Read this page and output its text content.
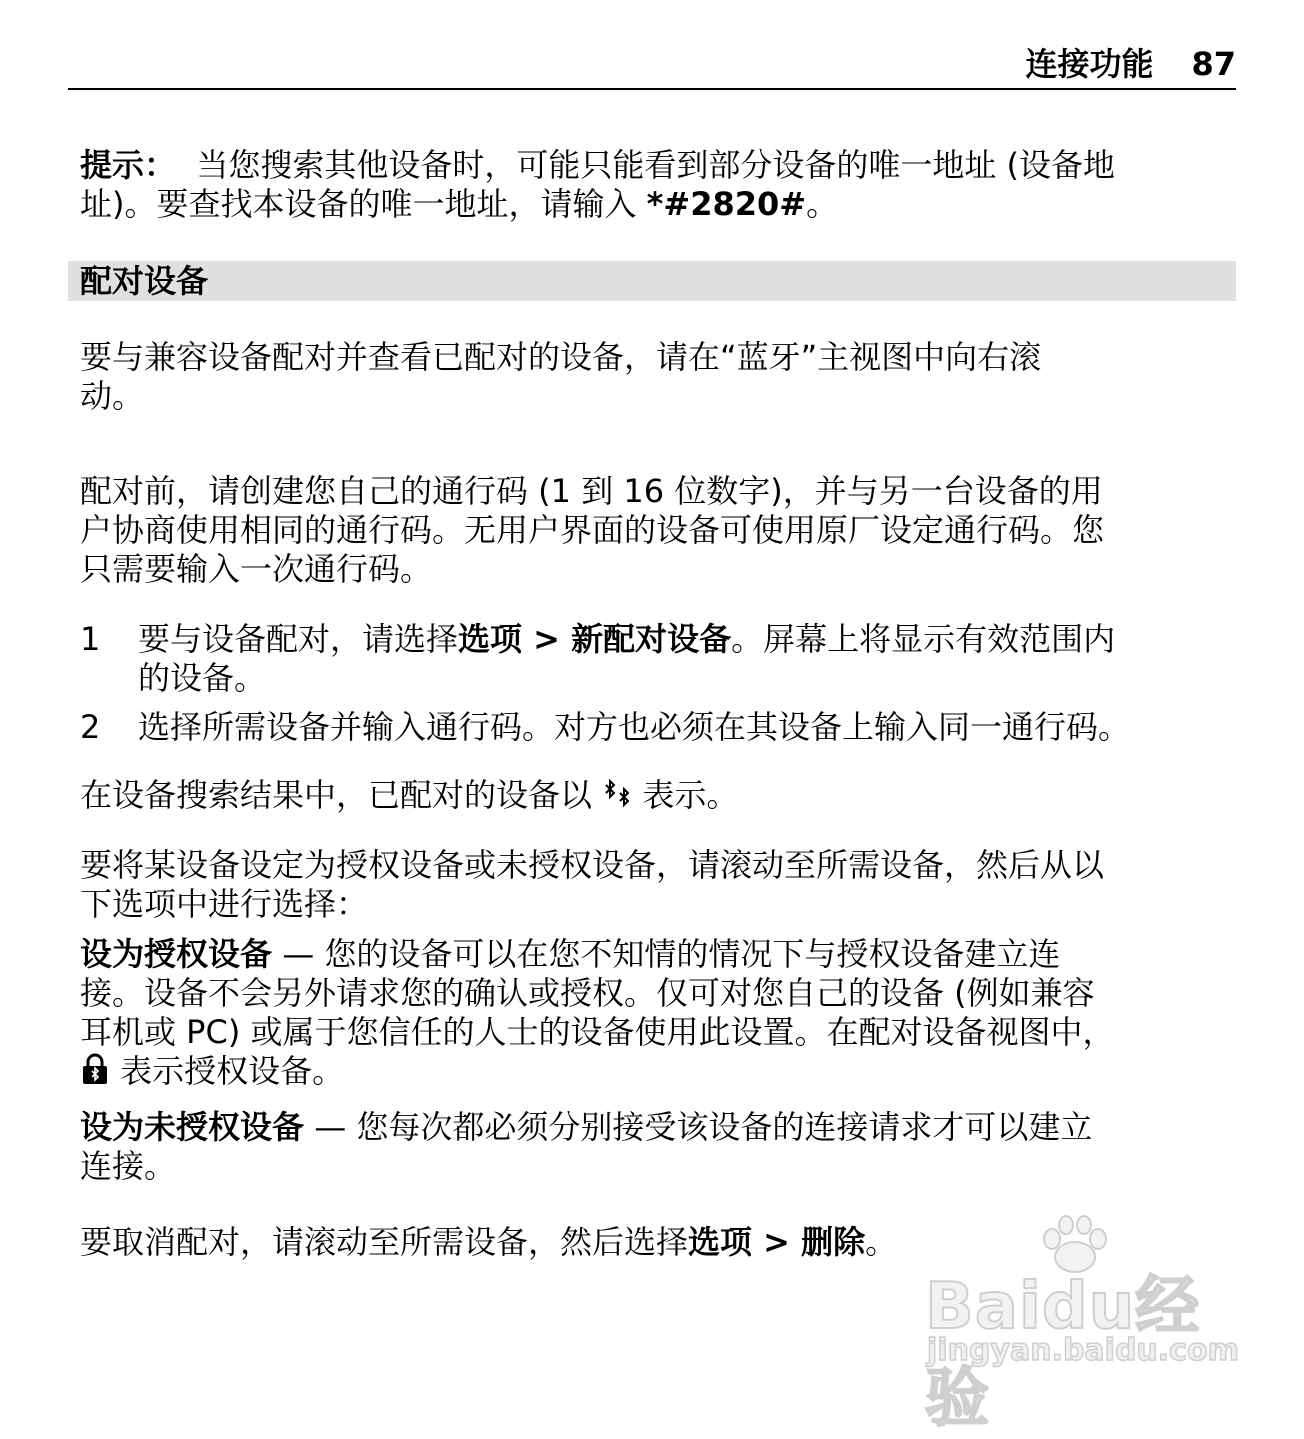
连接功能 87

提示： 当您搜索其他设备时，可能只能看到部分设备的唯一地址 (设备地

址)。要查找本设备的唯一地址，请输入 *#2820#。

配对设备

要与兼容设备配对并查看已配对的设备，请在“蓝牙”主视图中向右滚

动。

配对前，请创建您自己的通行码 (1 到 16 位数字)，并与另一台设备的用

户协商使用相同的通行码。无用户界面的设备可使用原厂设定通行码。您

只需要输入一次通行码。

1 要与设备配对，请选择选项 > 新配对设备。屏幕上将显示有效范围内
的设备。
2 选择所需设备并输入通行码。对方也必须在其设备上输入同一通行码。

在设备搜索结果中，已配对的设备以  表示。

要将某设备设定为授权设备或未授权设备，请滚动至所需设备，然后从以

下选项中进行选择：

设为授权设备 — 您的设备可以在您不知情的情况下与授权设备建立连

接。设备不会另外请求您的确认或授权。仅可对您自己的设备 (例如兼容

耳机或 PC) 或属于您信任的人士的设备使用此设置。在配对设备视图中，

表示授权设备。

设为未授权设备 — 您每次都必须分别接受该设备的连接请求才可以建立

连接。

要取消配对，请滚动至所需设备，然后选择选项 > 删除。

Baidu经验
jingyan.baidu.com
